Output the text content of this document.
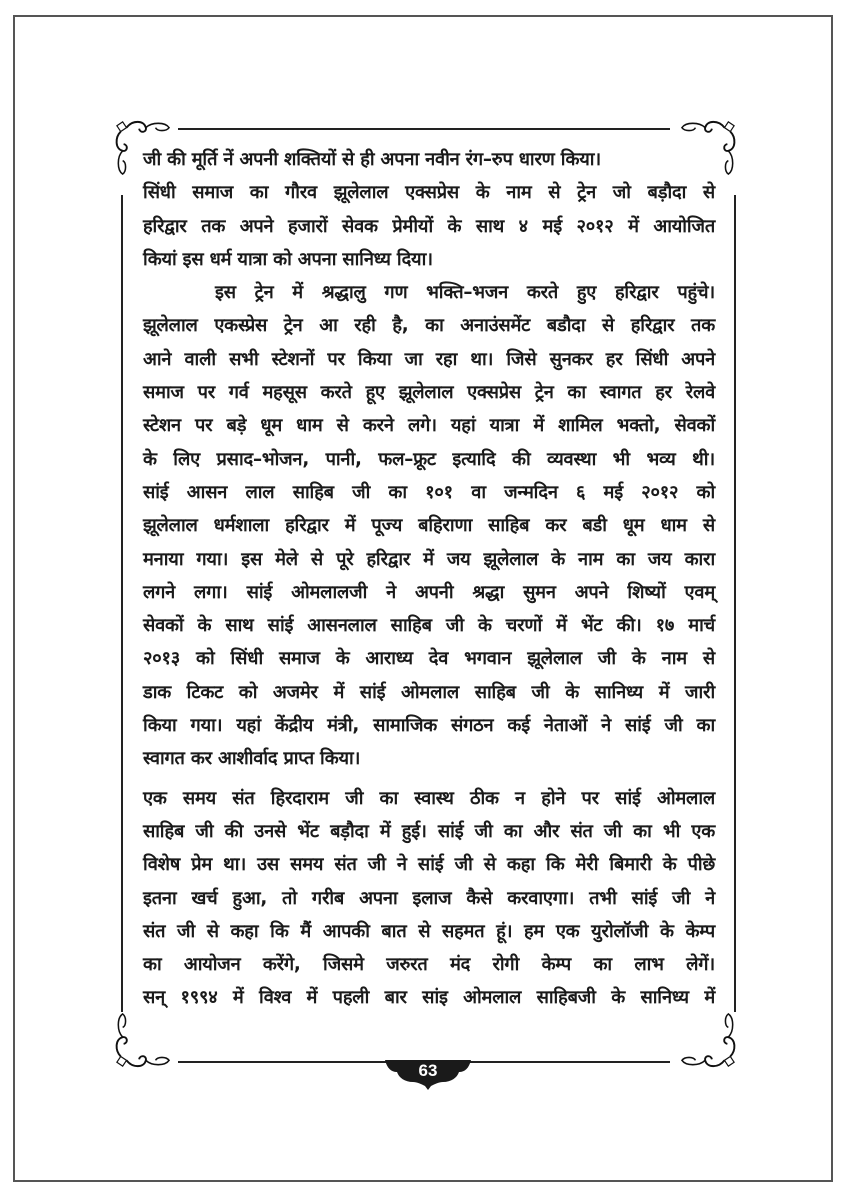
जी की मूर्ति नें अपनी शक्तियों से ही अपना नवीन रंग–रुप धारण किया।
सिंधी समाज का गौरव झूलेलाल एक्सप्रेस के नाम से ट्रेन जो बड़ौदा से
हरिद्वार तक अपने हजारों सेवक प्रेमीयों के साथ ४ मई २०१२ में आयोजित
कियां इस धर्म यात्रा को अपना सानिध्य दिया।
इस ट्रेन में श्रद्धालु गण भक्ति–भजन करते हुए हरिद्वार पहुंचे।
झूलेलाल एकस्प्रेस ट्रेन आ रही है, का अनाउंसमेंट बडौदा से हरिद्वार तक
आने वाली सभी स्टेशनों पर किया जा रहा था। जिसे सुनकर हर सिंधी अपने
समाज पर गर्व महसूस करते हूए झूलेलाल एक्सप्रेस ट्रेन का स्वागत हर रेलवे
स्टेशन पर बड़े धूम धाम से करने लगे। यहां यात्रा में शामिल भक्तो, सेवकों
के लिए प्रसाद–भोजन, पानी, फल–फ्रूट इत्यादि की व्यवस्था भी भव्य थी।
सांई आसन लाल साहिब जी का १०१ वा जन्मदिन ६ मई २०१२ को
झूलेलाल धर्मशाला हरिद्वार में पूज्य बहिराणा साहिब कर बडी धूम धाम से
मनाया गया। इस मेले से पूरे हरिद्वार में जय झूलेलाल के नाम का जय कारा
लगने लगा। सांई ओमलालजी ने अपनी श्रद्धा सुमन अपने शिष्यों एवम्
सेवकों के साथ सांई आसनलाल साहिब जी के चरणों में भेंट की। १७ मार्च
२०१३ को सिंधी समाज के आराध्य देव भगवान झूलेलाल जी के नाम से
डाक टिकट को अजमेर में सांई ओमलाल साहिब जी के सानिध्य में जारी
किया गया। यहां केंद्रीय मंत्री, सामाजिक संगठन कई नेताओं ने सांई जी का
स्वागत कर आशीर्वाद प्राप्त किया।
एक समय संत हिरदाराम जी का स्वास्थ ठीक न होने पर सांई ओमलाल
साहिब जी की उनसे भेंट बड़ौदा में हुई। सांई जी का और संत जी का भी एक
विशेष प्रेम था। उस समय संत जी ने सांई जी से कहा कि मेरी बिमारी के पीछे
इतना खर्च हुआ, तो गरीब अपना इलाज कैसे करवाएगा। तभी सांई जी ने
संत जी से कहा कि मैं आपकी बात से सहमत हूं। हम एक युरोलॉजी के केम्प
का आयोजन करेंगे, जिसमे जरुरत मंद रोगी केम्प का लाभ लेगें।
सन् १९९४ में विश्व में पहली बार सांइ ओमलाल साहिबजी के सानिध्य में
63
